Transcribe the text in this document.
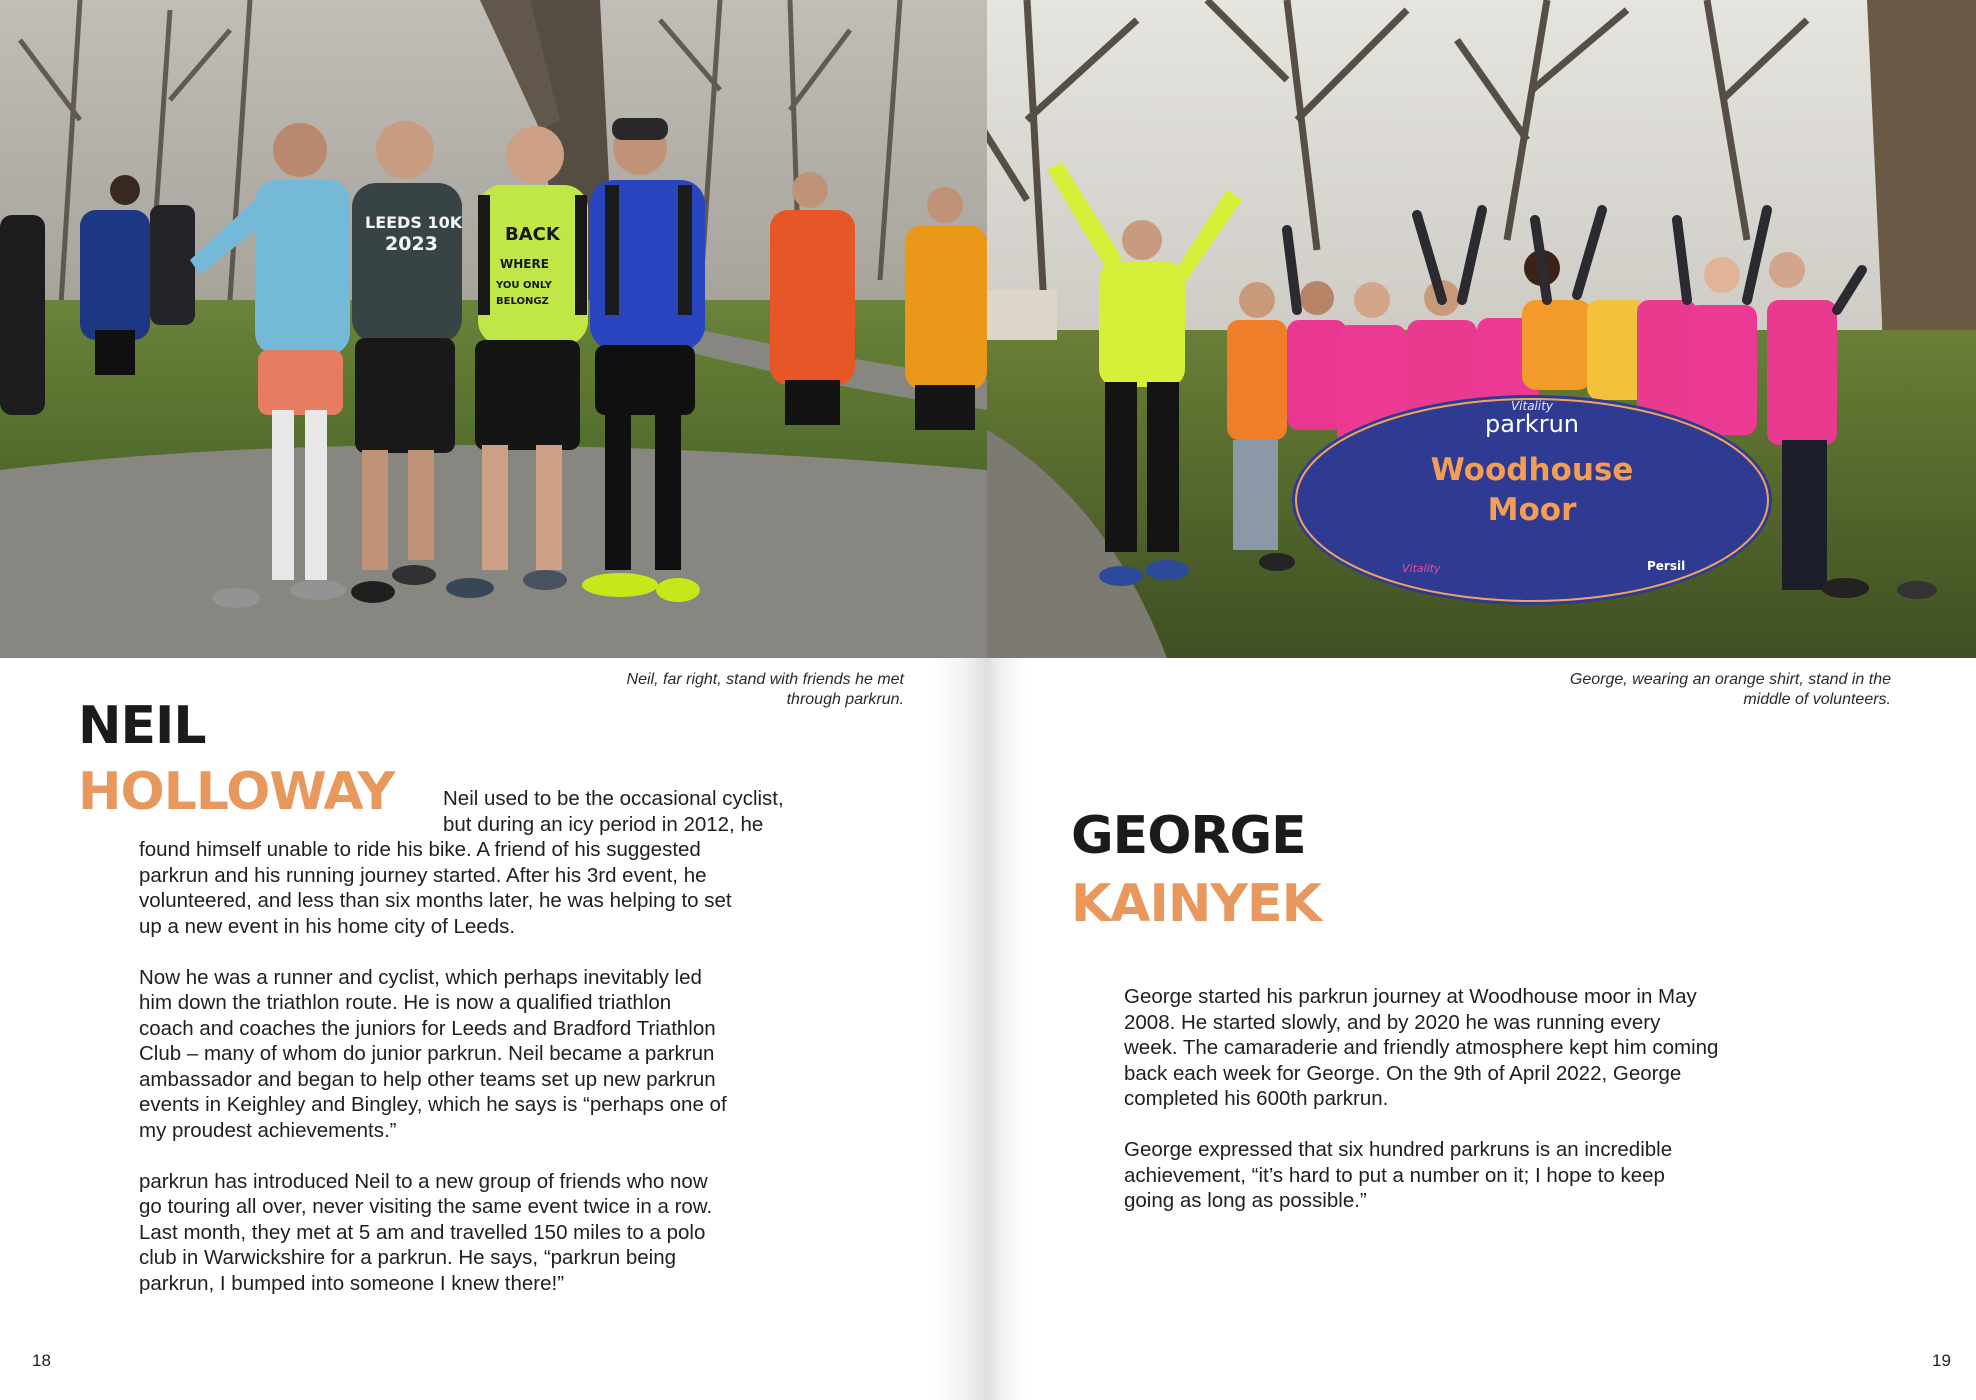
LEEDS 10K
2023	BACK
WHERE
YOU ONLY
BELONGZ
Neil, far right, stand with friends he met
through parkrun.
NEIL
HOLLOWAY Neil used to be the occasional cyclist,
but during an icy period in 2012, he

found himself unable to ride his bike. A friend of his suggested
parkrun and his running journey started. After his 3rd event, he
volunteered, and less than six months later, he was helping to set
up a new event in his home city of Leeds.

Now he was a runner and cyclist, which perhaps inevitably led
him down the triathlon route. He is now a qualified triathlon
coach and coaches the juniors for Leeds and Bradford Triathlon
Club – many of whom do junior parkrun. Neil became a parkrun
ambassador and began to help other teams set up new parkrun
events in Keighley and Bingley, which he says is “perhaps one of
my proudest achievements.”

parkrun has introduced Neil to a new group of friends who now
go touring all over, never visiting the same event twice in a row.
Last month, they met at 5 am and travelled 150 miles to a polo
club in Warwickshire for a parkrun. He says, “parkrun being
parkrun, I bumped into someone I knew there!”

18
Vitality
parkrun
Woodhouse
Moor
Vitality	Persil
George, wearing an orange shirt, stand in the
middle of volunteers.
GEORGE
KAINYEK

George started his parkrun journey at Woodhouse moor in May
2008. He started slowly, and by 2020 he was running every
week. The camaraderie and friendly atmosphere kept him coming
back each week for George. On the 9th of April 2022, George
completed his 600th parkrun.

George expressed that six hundred parkruns is an incredible
achievement, “it’s hard to put a number on it; I hope to keep
going as long as possible.”

19
